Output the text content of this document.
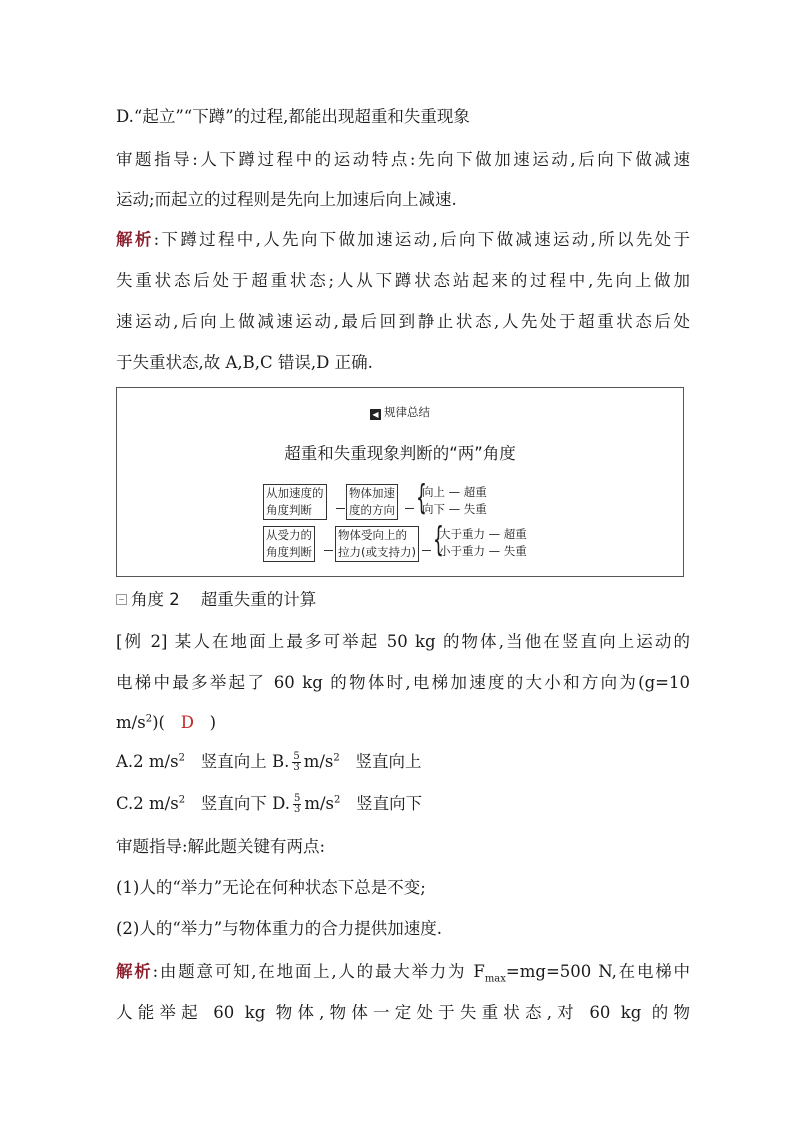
D.“起立”“下蹲”的过程,都能出现超重和失重现象
审题指导:人下蹲过程中的运动特点:先向下做加速运动,后向下做减速
运动;而起立的过程则是先向上加速后向上减速.
解析:下蹲过程中,人先向下做加速运动,后向下做减速运动,所以先处于
失重状态后处于超重状态;人从下蹲状态站起来的过程中,先向上做加
速运动,后向上做减速运动,最后回到静止状态,人先处于超重状态后处
于失重状态,故 A,B,C 错误,D 正确.
◀ 规律总结
超重和失重现象判断的“两”角度
从加速度的
角度判断
物体加速
度的方向 {
向上 — 超重
向下 — 失重
从受力的
角度判断
物体受向上的
拉力(或支持力) {
大于重力 — 超重
小于重力 — 失重
角度 2 超重失重的计算
[例 2] 某人在地面上最多可举起 50 kg 的物体,当他在竖直向上运动的
电梯中最多举起了 60 kg 的物体时,电梯加速度的大小和方向为(g=10
$m/s^2$)( D )
A.2 $m/s^2$ 竖直向上 B. $\frac{5}{3} m/s^2$ 竖直向上
C.2 $m/s^2$ 竖直向下 D. $\frac{5}{3} m/s^2$ 竖直向下
审题指导:解此题关键有两点:
(1)人的“举力”无论在何种状态下总是不变;
(2)人的“举力”与物体重力的合力提供加速度.
解析:由题意可知,在地面上,人的最大举力为 $F_{max}=mg=500$ N,在电梯中
人能举起 60 kg 物体,物体一定处于失重状态,对 60 kg 的物
